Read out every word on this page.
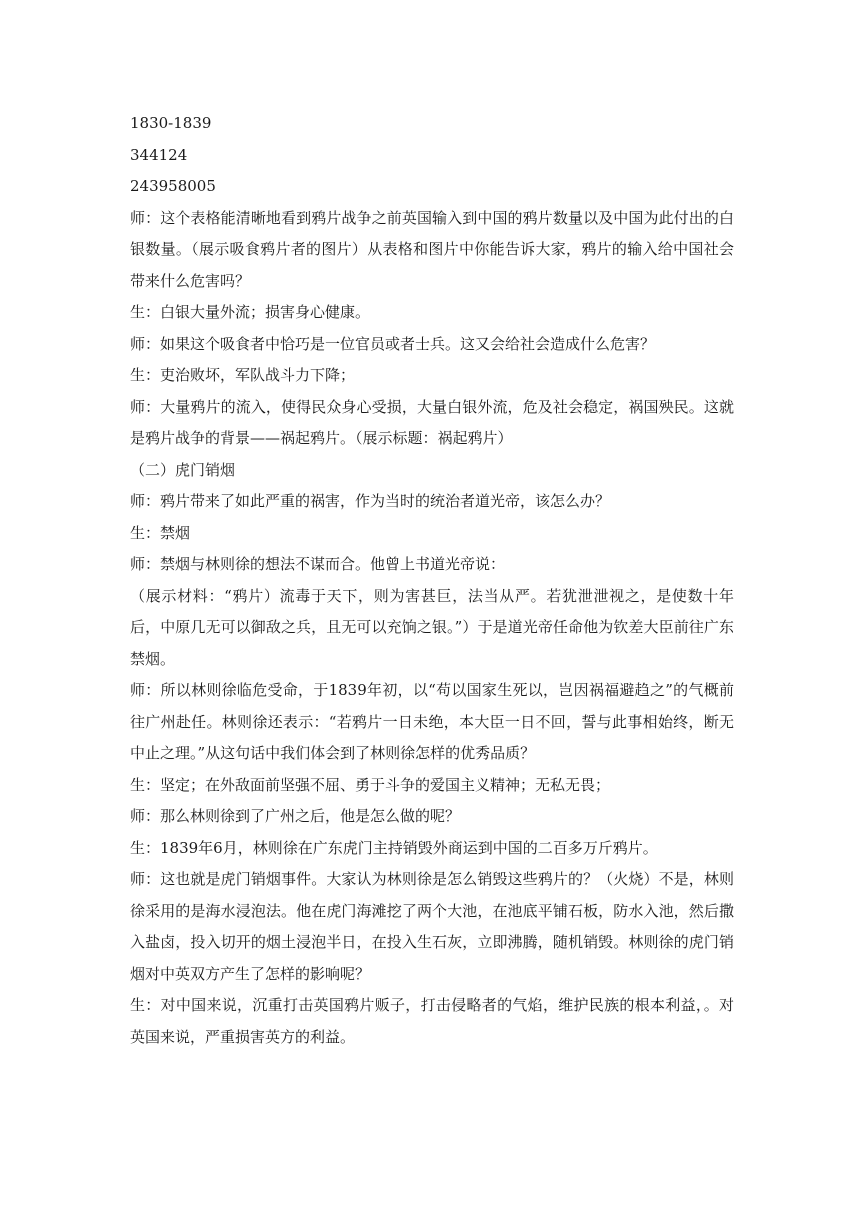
1830-1839

344124

243958005

师：这个表格能清晰地看到鸦片战争之前英国输入到中国的鸦片数量以及中国为此付出的白银数量。（展示吸食鸦片者的图片）从表格和图片中你能告诉大家，鸦片的输入给中国社会带来什么危害吗？

生：白银大量外流；损害身心健康。

师：如果这个吸食者中恰巧是一位官员或者士兵。这又会给社会造成什么危害？

生：吏治败坏，军队战斗力下降；

师：大量鸦片的流入，使得民众身心受损，大量白银外流，危及社会稳定，祸国殃民。这就是鸦片战争的背景——祸起鸦片。（展示标题：祸起鸦片）

（二）虎门销烟

师：鸦片带来了如此严重的祸害，作为当时的统治者道光帝，该怎么办？

生：禁烟

师：禁烟与林则徐的想法不谋而合。他曾上书道光帝说：

（展示材料：“鸦片）流毒于天下，则为害甚巨，法当从严。若犹泄泄视之，是使数十年后，中原几无可以御敌之兵，且无可以充饷之银。”）于是道光帝任命他为钦差大臣前往广东禁烟。

师：所以林则徐临危受命，于1839年初，以“苟以国家生死以，岂因祸福避趋之”的气概前往广州赴任。林则徐还表示：“若鸦片一日未绝，本大臣一日不回，誓与此事相始终，断无中止之理。”从这句话中我们体会到了林则徐怎样的优秀品质？

生：坚定；在外敌面前坚强不屈、勇于斗争的爱国主义精神；无私无畏；

师：那么林则徐到了广州之后，他是怎么做的呢？

生：1839年6月，林则徐在广东虎门主持销毁外商运到中国的二百多万斤鸦片。

师：这也就是虎门销烟事件。大家认为林则徐是怎么销毁这些鸦片的？（火烧）不是，林则徐采用的是海水浸泡法。他在虎门海滩挖了两个大池，在池底平铺石板，防水入池，然后撒入盐卤，投入切开的烟土浸泡半日，在投入生石灰，立即沸腾，随机销毁。林则徐的虎门销烟对中英双方产生了怎样的影响呢？

生：对中国来说，沉重打击英国鸦片贩子，打击侵略者的气焰，维护民族的根本利益，。对英国来说，严重损害英方的利益。
